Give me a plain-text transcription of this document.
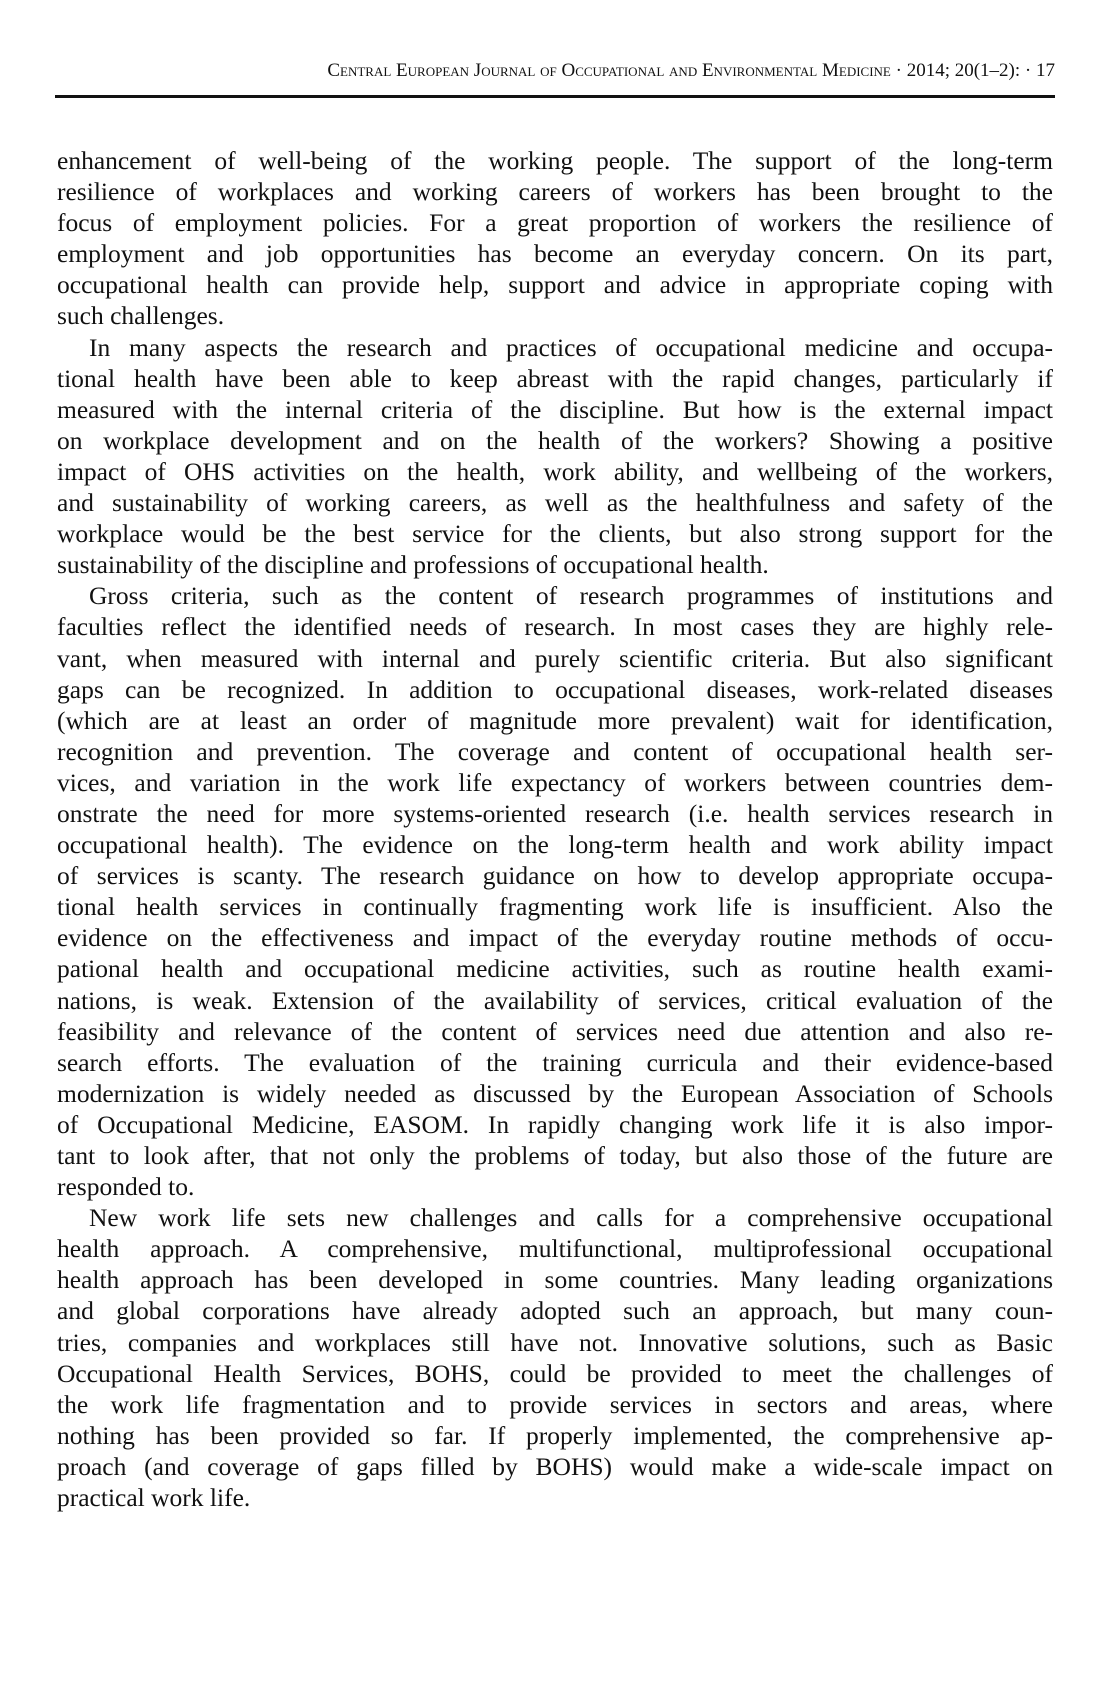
Central European Journal of Occupational and Environmental Medicine · 2014; 20(1–2): · 17
enhancement of well-being of the working people. The support of the long-term
resilience of workplaces and working careers of workers has been brought to the
focus of employment policies. For a great proportion of workers the resilience of
employment and job opportunities has become an everyday concern. On its part,
occupational health can provide help, support and advice in appropriate coping with
such challenges.
In many aspects the research and practices of occupational medicine and occupa-
tional health have been able to keep abreast with the rapid changes, particularly if
measured with the internal criteria of the discipline. But how is the external impact
on workplace development and on the health of the workers? Showing a positive
impact of OHS activities on the health, work ability, and wellbeing of the workers,
and sustainability of working careers, as well as the healthfulness and safety of the
workplace would be the best service for the clients, but also strong support for the
sustainability of the discipline and professions of occupational health.
Gross criteria, such as the content of research programmes of institutions and
faculties reflect the identified needs of research. In most cases they are highly rele-
vant, when measured with internal and purely scientific criteria. But also significant
gaps can be recognized. In addition to occupational diseases, work-related diseases
(which are at least an order of magnitude more prevalent) wait for identification,
recognition and prevention. The coverage and content of occupational health ser-
vices, and variation in the work life expectancy of workers between countries dem-
onstrate the need for more systems-oriented research (i.e. health services research in
occupational health). The evidence on the long-term health and work ability impact
of services is scanty. The research guidance on how to develop appropriate occupa-
tional health services in continually fragmenting work life is insufficient. Also the
evidence on the effectiveness and impact of the everyday routine methods of occu-
pational health and occupational medicine activities, such as routine health exami-
nations, is weak. Extension of the availability of services, critical evaluation of the
feasibility and relevance of the content of services need due attention and also re-
search efforts. The evaluation of the training curricula and their evidence-based
modernization is widely needed as discussed by the European Association of Schools
of Occupational Medicine, EASOM. In rapidly changing work life it is also impor-
tant to look after, that not only the problems of today, but also those of the future are
responded to.
New work life sets new challenges and calls for a comprehensive occupational
health approach. A comprehensive, multifunctional, multiprofessional occupational
health approach has been developed in some countries. Many leading organizations
and global corporations have already adopted such an approach, but many coun-
tries, companies and workplaces still have not. Innovative solutions, such as Basic
Occupational Health Services, BOHS, could be provided to meet the challenges of
the work life fragmentation and to provide services in sectors and areas, where
nothing has been provided so far. If properly implemented, the comprehensive ap-
proach (and coverage of gaps filled by BOHS) would make a wide-scale impact on
practical work life.
